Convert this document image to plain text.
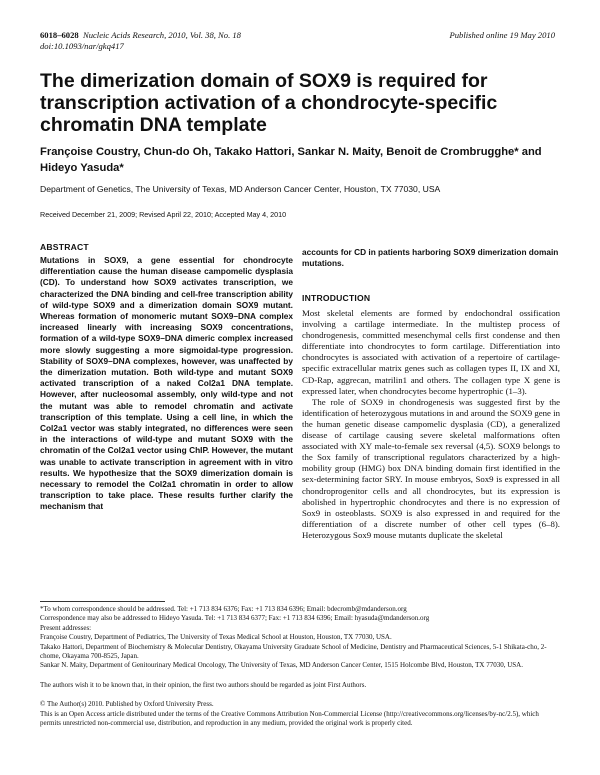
6018–6028 Nucleic Acids Research, 2010, Vol. 38, No. 18
doi:10.1093/nar/gkq417
Published online 19 May 2010
The dimerization domain of SOX9 is required for transcription activation of a chondrocyte-specific chromatin DNA template
Françoise Coustry, Chun-do Oh, Takako Hattori, Sankar N. Maity, Benoit de Crombrugghe* and Hideyo Yasuda*
Department of Genetics, The University of Texas, MD Anderson Cancer Center, Houston, TX 77030, USA
Received December 21, 2009; Revised April 22, 2010; Accepted May 4, 2010
ABSTRACT
Mutations in SOX9, a gene essential for chondrocyte differentiation cause the human disease campomelic dysplasia (CD). To understand how SOX9 activates transcription, we characterized the DNA binding and cell-free transcription ability of wild-type SOX9 and a dimerization domain SOX9 mutant. Whereas formation of monomeric mutant SOX9–DNA complex increased linearly with increasing SOX9 concentrations, formation of a wild-type SOX9–DNA dimeric complex increased more slowly suggesting a more sigmoidal-type progression. Stability of SOX9–DNA complexes, however, was unaffected by the dimerization mutation. Both wild-type and mutant SOX9 activated transcription of a naked Col2a1 DNA template. However, after nucleosomal assembly, only wild-type and not the mutant was able to remodel chromatin and activate transcription of this template. Using a cell line, in which the Col2a1 vector was stably integrated, no differences were seen in the interactions of wild-type and mutant SOX9 with the chromatin of the Col2a1 vector using ChIP. However, the mutant was unable to activate transcription in agreement with in vitro results. We hypothesize that the SOX9 dimerization domain is necessary to remodel the Col2a1 chromatin in order to allow transcription to take place. These results further clarify the mechanism that
accounts for CD in patients harboring SOX9 dimerization domain mutations.
INTRODUCTION

Most skeletal elements are formed by endochondral ossification involving a cartilage intermediate. In the multistep process of chondrogenesis, committed mesenchymal cells first condense and then differentiate into chondrocytes to form cartilage. Differentiation into chondrocytes is associated with activation of a repertoire of cartilage-specific extracellular matrix genes such as collagen types II, IX and XI, CD-Rap, aggrecan, matrilin1 and others. The collagen type X gene is expressed later, when chondrocytes become hypertrophic (1–3).

The role of SOX9 in chondrogenesis was suggested first by the identification of heterozygous mutations in and around the SOX9 gene in the human genetic disease campomelic dysplasia (CD), a generalized disease of cartilage causing severe skeletal malformations often associated with XY male-to-female sex reversal (4,5). SOX9 belongs to the Sox family of transcriptional regulators characterized by a high-mobility group (HMG) box DNA binding domain first identified in the sex-determining factor SRY. In mouse embryos, Sox9 is expressed in all chondroprogenitor cells and all chondrocytes, but its expression is abolished in hypertrophic chondrocytes and there is no expression of Sox9 in osteoblasts. SOX9 is also expressed in and required for the differentiation of a discrete number of other cell types (6–8). Heterozygous Sox9 mouse mutants duplicate the skeletal

*To whom correspondence should be addressed. Tel: +1 713 834 6376; Fax: +1 713 834 6396; Email: bdecromb@mdanderson.org

Correspondence may also be addressed to Hideyo Yasuda. Tel: +1 713 834 6377; Fax: +1 713 834 6396; Email: hyasuda@mdanderson.org

Present addresses:

Françoise Coustry, Department of Pediatrics, The University of Texas Medical School at Houston, Houston, TX 77030, USA.

Takako Hattori, Department of Biochemistry & Molecular Dentistry, Okayama University Graduate School of Medicine, Dentistry and Pharmaceutical Sciences, 5-1 Shikata-cho, 2-chome, Okayama 700-8525, Japan.

Sankar N. Maity, Department of Genitourinary Medical Oncology, The University of Texas, MD Anderson Cancer Center, 1515 Holcombe Blvd, Houston, TX 77030, USA.

The authors wish it to be known that, in their opinion, the first two authors should be regarded as joint First Authors.

© The Author(s) 2010. Published by Oxford University Press.

This is an Open Access article distributed under the terms of the Creative Commons Attribution Non-Commercial License (http://creativecommons.org/licenses/by-nc/2.5), which permits unrestricted non-commercial use, distribution, and reproduction in any medium, provided the original work is properly cited.
